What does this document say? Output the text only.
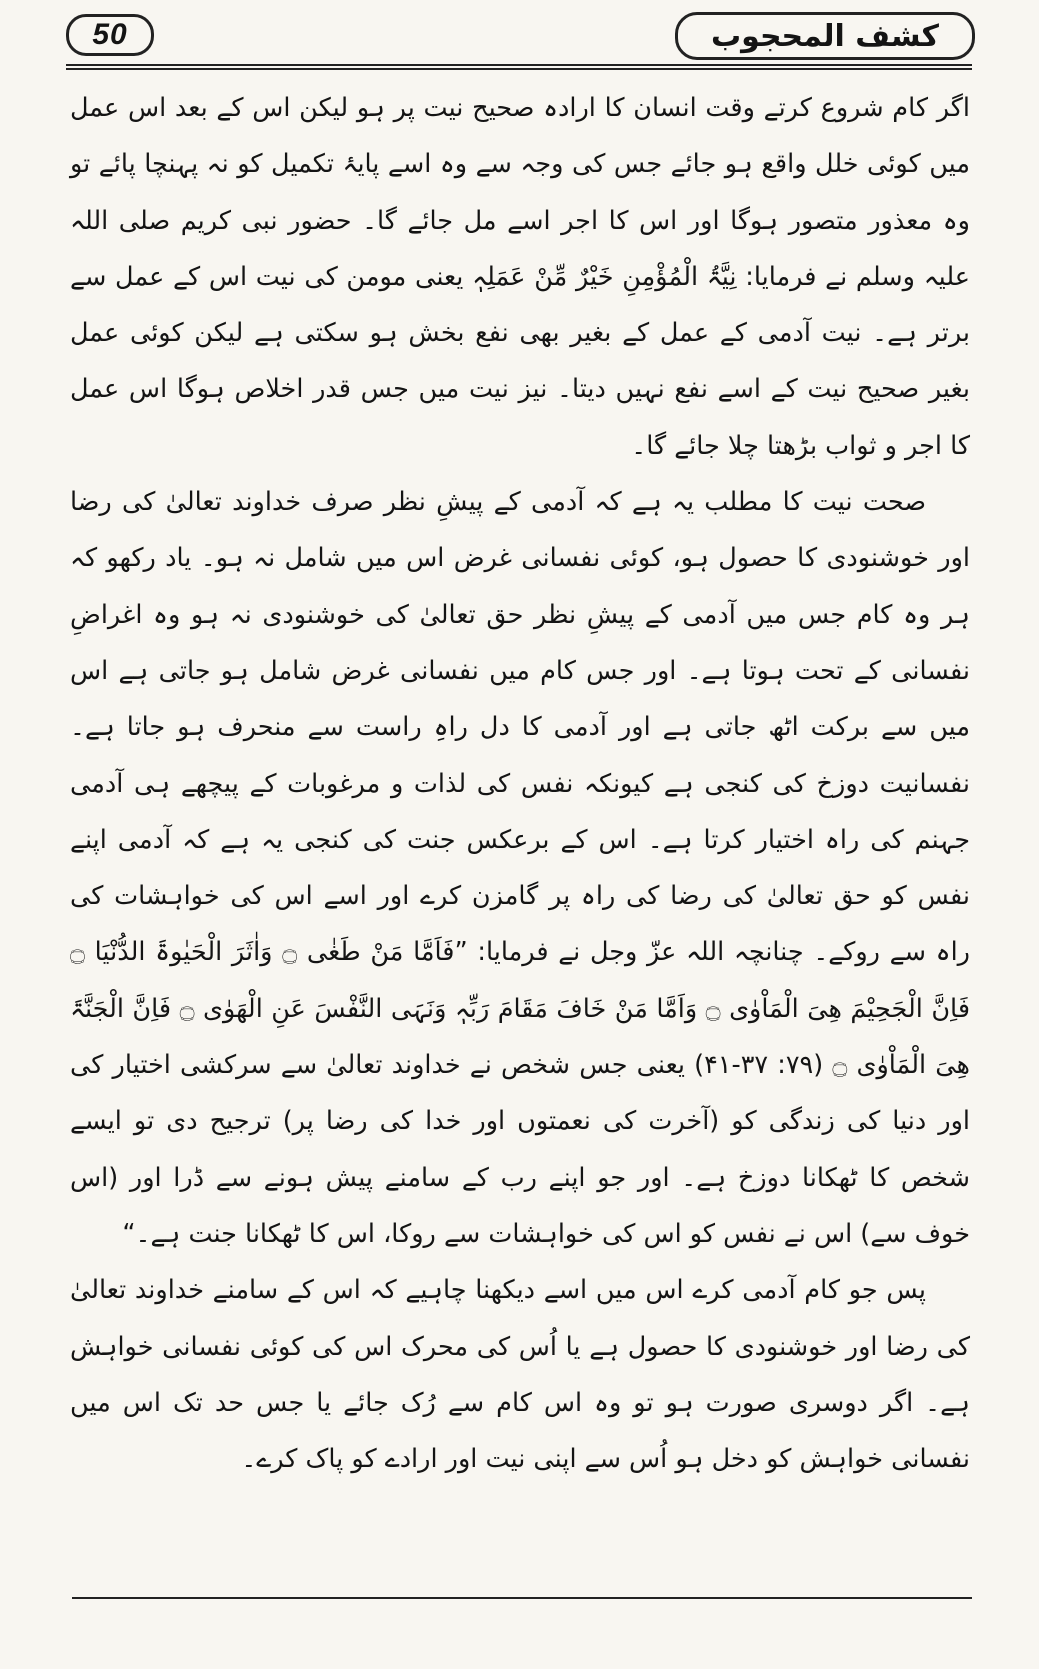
50	کشف المحجوب

اگر کام شروع کرتے وقت انسان کا ارادہ صحیح نیت پر ہو لیکن اس کے بعد اس عمل میں کوئی خلل واقع ہو جائے جس کی وجہ سے وہ اسے پایۂ تکمیل کو نہ پہنچا پائے تو وہ معذور متصور ہوگا اور اس کا اجر اسے مل جائے گا۔ حضور نبی کریم صلی اللہ علیہ وسلم نے فرمایا: نِيَّۃُ الْمُؤْمِنِ خَيْرٌ مِّنْ عَمَلِہٖ یعنی مومن کی نیت اس کے عمل سے برتر ہے۔ نیت آدمی کے عمل کے بغیر بھی نفع بخش ہو سکتی ہے لیکن کوئی عمل بغیر صحیح نیت کے اسے نفع نہیں دیتا۔ نیز نیت میں جس قدر اخلاص ہوگا اس عمل کا اجر و ثواب بڑھتا چلا جائے گا۔

صحت نیت کا مطلب یہ ہے کہ آدمی کے پیشِ نظر صرف خداوند تعالیٰ کی رضا اور خوشنودی کا حصول ہو، کوئی نفسانی غرض اس میں شامل نہ ہو۔ یاد رکھو کہ ہر وہ کام جس میں آدمی کے پیشِ نظر حق تعالیٰ کی خوشنودی نہ ہو وہ اغراضِ نفسانی کے تحت ہوتا ہے۔ اور جس کام میں نفسانی غرض شامل ہو جاتی ہے اس میں سے برکت اٹھ جاتی ہے اور آدمی کا دل راہِ راست سے منحرف ہو جاتا ہے۔ نفسانیت دوزخ کی کنجی ہے کیونکہ نفس کی لذات و مرغوبات کے پیچھے ہی آدمی جہنم کی راہ اختیار کرتا ہے۔ اس کے برعکس جنت کی کنجی یہ ہے کہ آدمی اپنے نفس کو حق تعالیٰ کی رضا کی راہ پر گامزن کرے اور اسے اس کی خواہشات کی راہ سے روکے۔ چنانچہ اللہ عزّ وجل نے فرمایا: ”فَاَمَّا مَنْ طَغٰی ۝ وَاٰثَرَ الْحَیٰوۃَ الدُّنْیَا ۝ فَاِنَّ الْجَحِیْمَ ھِیَ الْمَاْوٰی ۝ وَاَمَّا مَنْ خَافَ مَقَامَ رَبِّہٖ وَنَہَی النَّفْسَ عَنِ الْھَوٰی ۝ فَاِنَّ الْجَنَّۃَ ھِیَ الْمَاْوٰی ۝ (۷۹: ۳۷-۴۱) یعنی جس شخص نے خداوند تعالیٰ سے سرکشی اختیار کی اور دنیا کی زندگی کو (آخرت کی نعمتوں اور خدا کی رضا پر) ترجیح دی تو ایسے شخص کا ٹھکانا دوزخ ہے۔ اور جو اپنے رب کے سامنے پیش ہونے سے ڈرا اور (اس خوف سے) اس نے نفس کو اس کی خواہشات سے روکا، اس کا ٹھکانا جنت ہے۔“

پس جو کام آدمی کرے اس میں اسے دیکھنا چاہیے کہ اس کے سامنے خداوند تعالیٰ کی رضا اور خوشنودی کا حصول ہے یا اُس کی محرک اس کی کوئی نفسانی خواہش ہے۔ اگر دوسری صورت ہو تو وہ اس کام سے رُک جائے یا جس حد تک اس میں نفسانی خواہش کو دخل ہو اُس سے اپنی نیت اور ارادے کو پاک کرے۔
